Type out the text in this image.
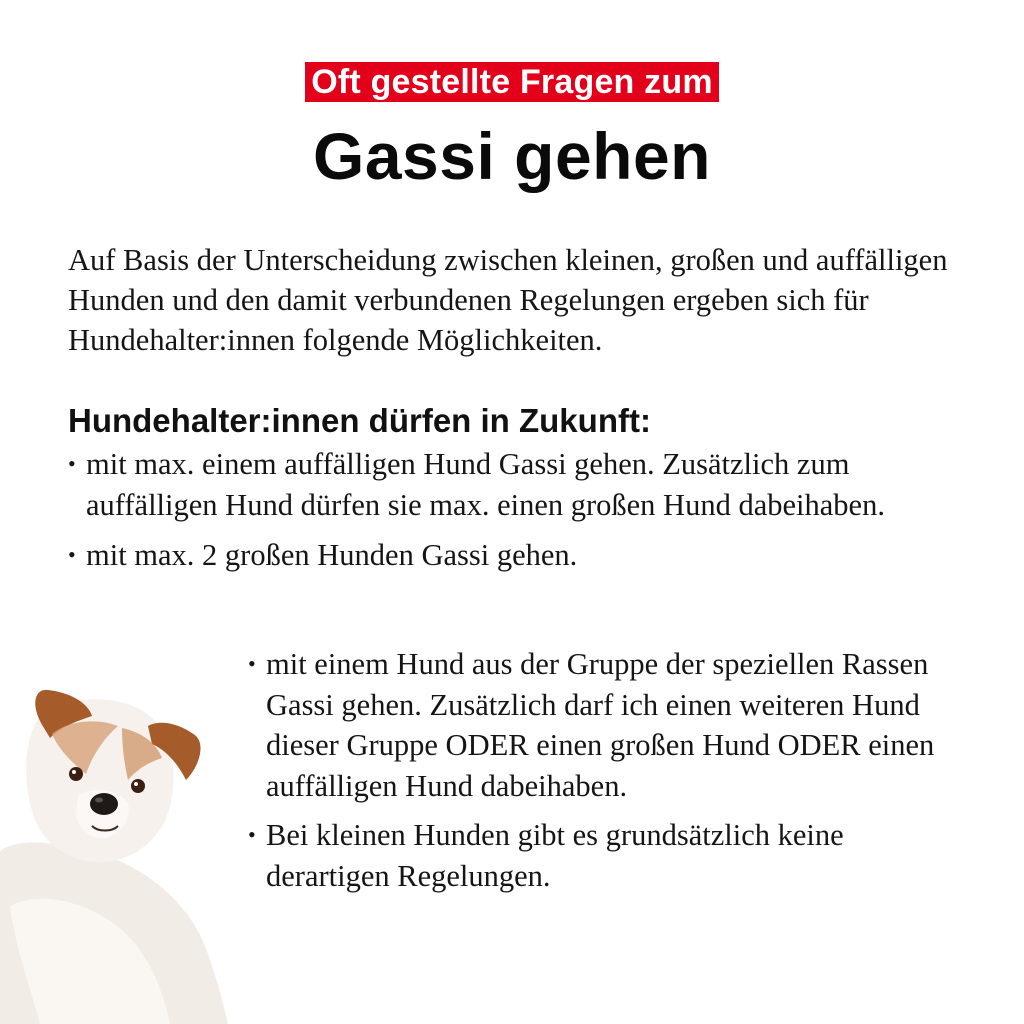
Oft gestellte Fragen zum
Gassi gehen

Auf Basis der Unterscheidung zwischen kleinen, großen und auffälligen Hunden und den damit verbundenen Regelungen ergeben sich für Hundehalter:innen folgende Möglichkeiten.

Hundehalter:innen dürfen in Zukunft:
• mit max. einem auffälligen Hund Gassi gehen. Zusätzlich zum auffälligen Hund dürfen sie max. einen großen Hund dabeihaben.
• mit max. 2 großen Hunden Gassi gehen.
• mit einem Hund aus der Gruppe der speziellen Rassen Gassi gehen. Zusätzlich darf ich einen weiteren Hund dieser Gruppe ODER einen großen Hund ODER einen auffälligen Hund dabeihaben.
• Bei kleinen Hunden gibt es grundsätzlich keine derartigen Regelungen.
